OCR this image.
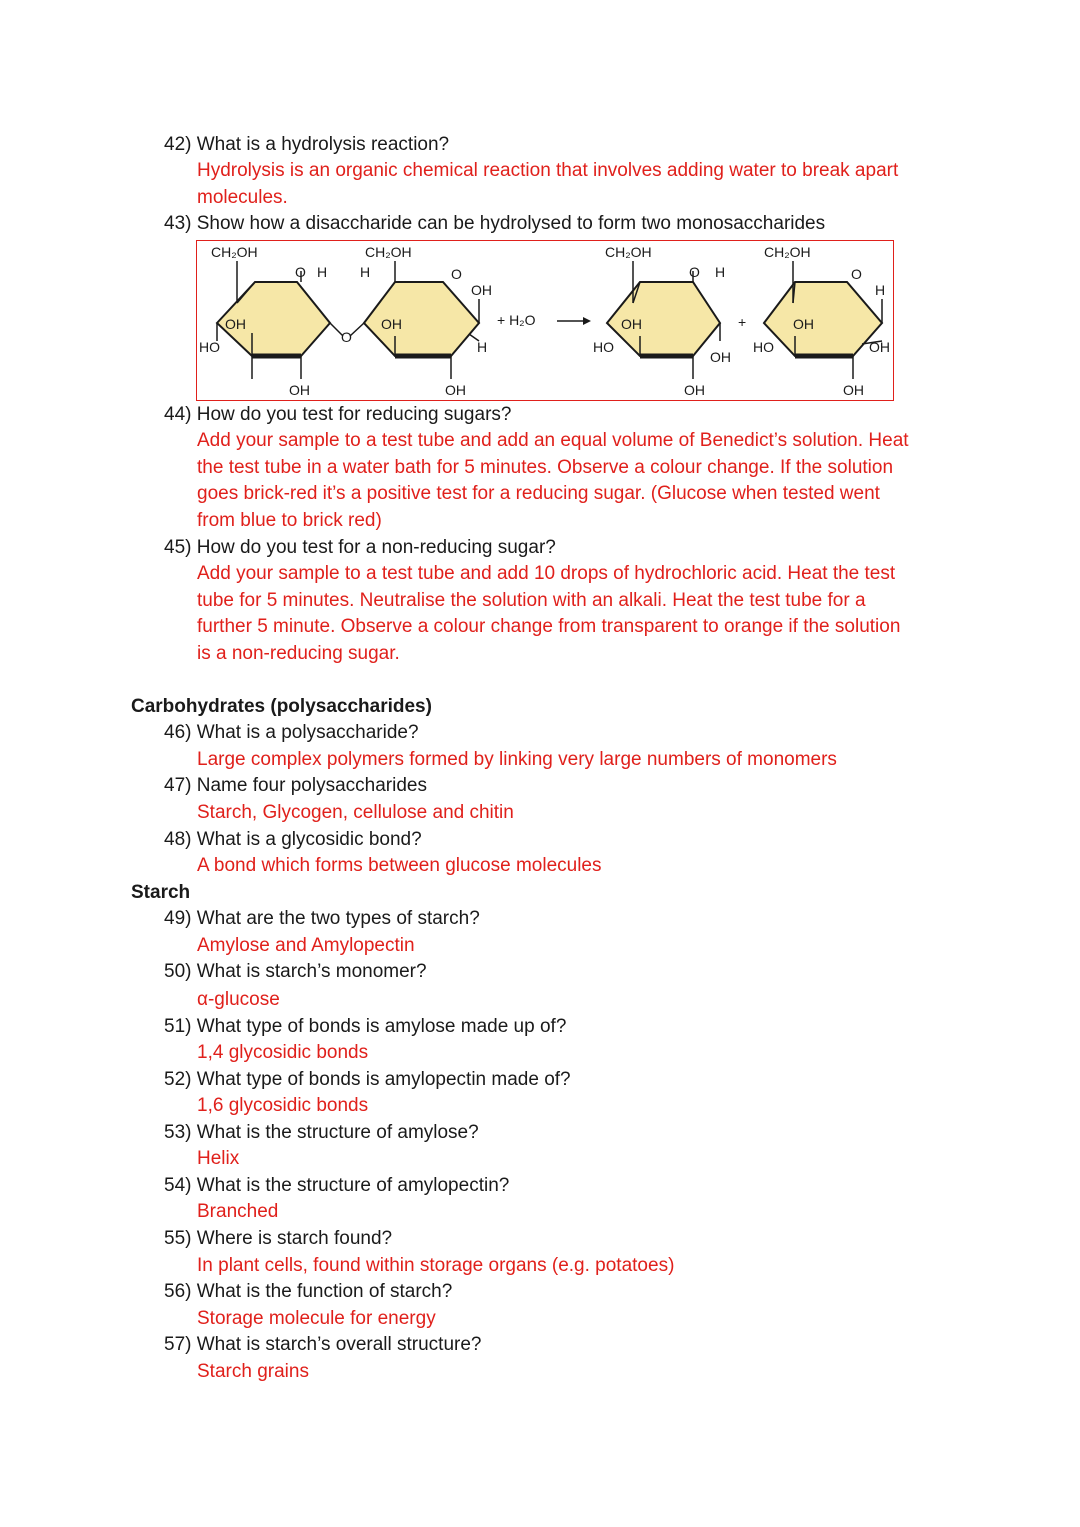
42) What is a hydrolysis reaction?
Hydrolysis is an organic chemical reaction that involves adding water to break apart
molecules.
43) Show how a disaccharide can be hydrolysed to form two monosaccharides
CH₂OH	CH₂OH	CH₂OH	CH₂OH
O H H	O
OH
OH
HO
O
OH
H
OH	OH
+ H₂O
O H
OH
HO
OH
OH
+
O
H
OH
HO	OH
OH
44) How do you test for reducing sugars?
Add your sample to a test tube and add an equal volume of Benedict’s solution. Heat
the test tube in a water bath for 5 minutes. Observe a colour change. If the solution
goes brick-red it’s a positive test for a reducing sugar. (Glucose when tested went
from blue to brick red)
45) How do you test for a non-reducing sugar?
Add your sample to a test tube and add 10 drops of hydrochloric acid. Heat the test
tube for 5 minutes. Neutralise the solution with an alkali. Heat the test tube for a
further 5 minute. Observe a colour change from transparent to orange if the solution
is a non-reducing sugar.
Carbohydrates (polysaccharides)
46) What is a polysaccharide?
Large complex polymers formed by linking very large numbers of monomers
47) Name four polysaccharides
Starch, Glycogen, cellulose and chitin
48) What is a glycosidic bond?
A bond which forms between glucose molecules
Starch
49) What are the two types of starch?
Amylose and Amylopectin
50) What is starch’s monomer?
α-glucose
51) What type of bonds is amylose made up of?
1,4 glycosidic bonds
52) What type of bonds is amylopectin made of?
1,6 glycosidic bonds
53) What is the structure of amylose?
Helix
54) What is the structure of amylopectin?
Branched
55) Where is starch found?
In plant cells, found within storage organs (e.g. potatoes)
56) What is the function of starch?
Storage molecule for energy
57) What is starch’s overall structure?
Starch grains
